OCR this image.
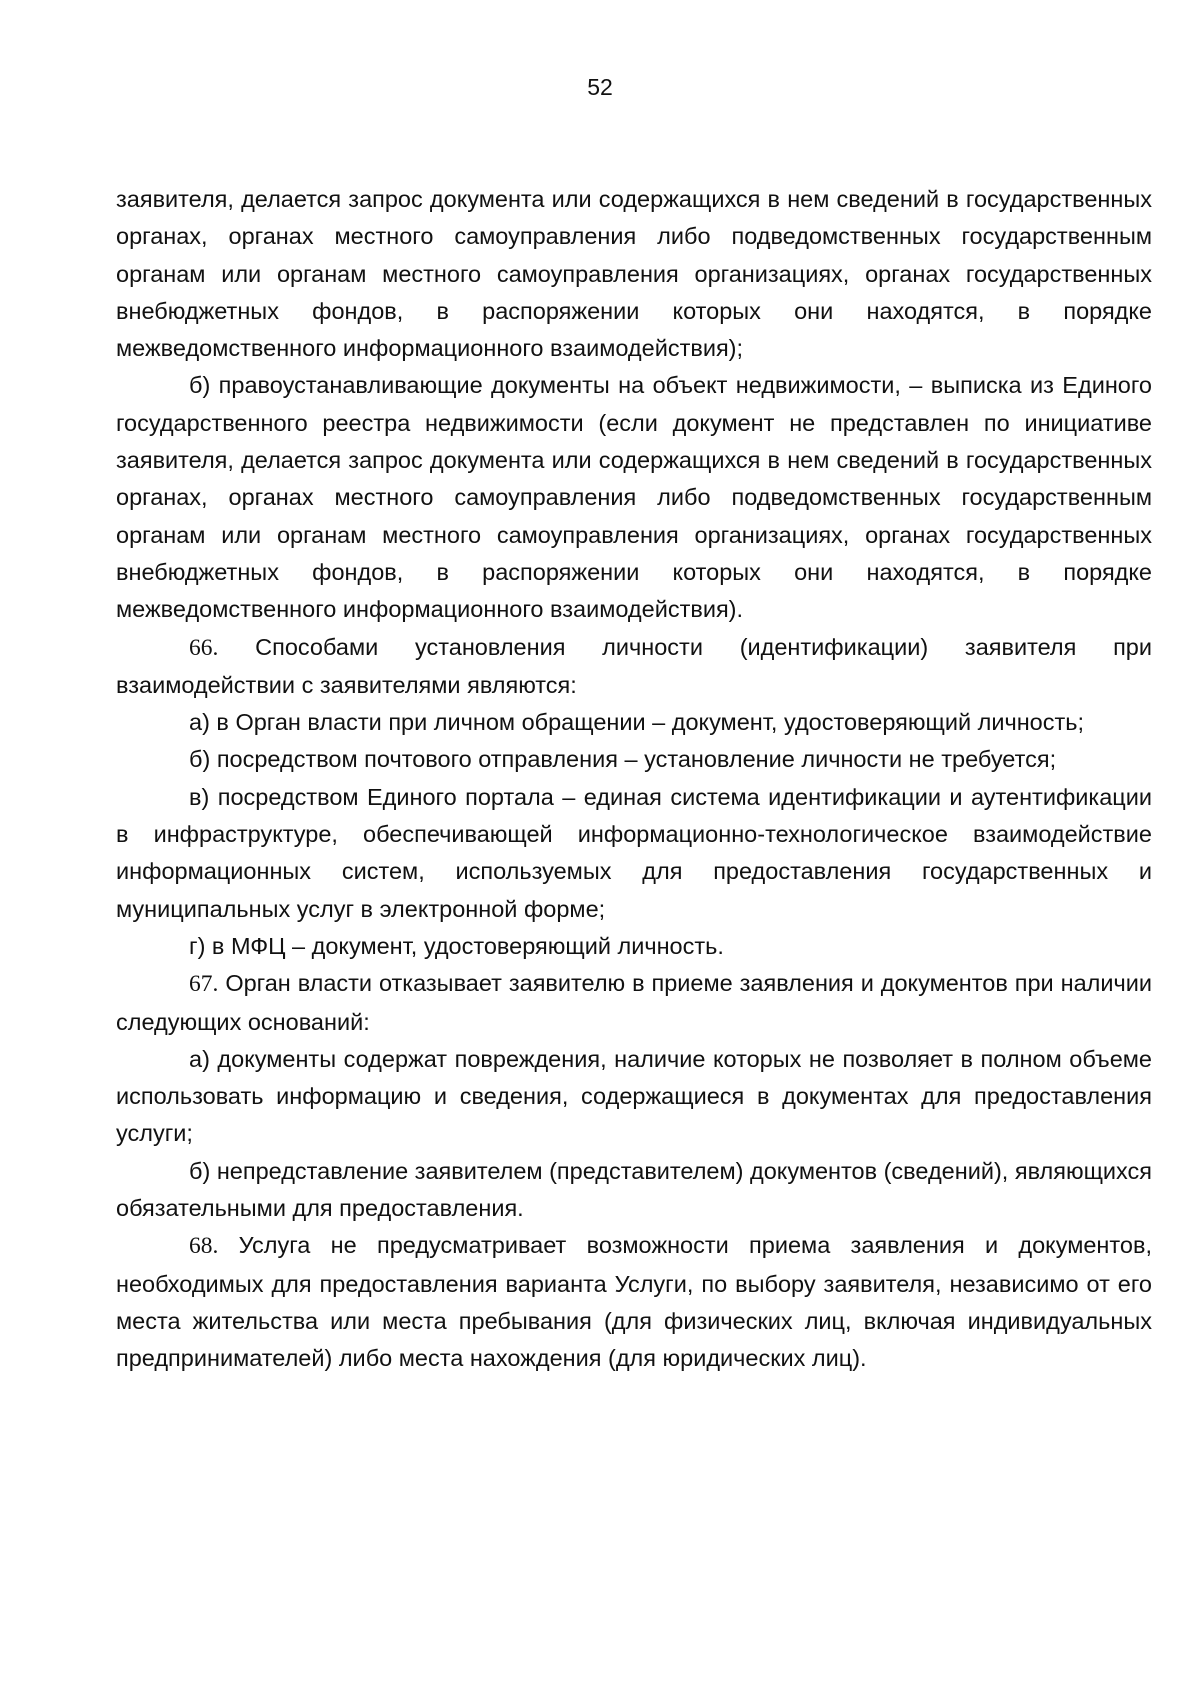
52

заявителя, делается запрос документа или содержащихся в нем сведений в государственных органах, органах местного самоуправления либо подведомственных государственным органам или органам местного самоуправления организациях, органах государственных внебюджетных фондов, в распоряжении которых они находятся, в порядке межведомственного информационного взаимодействия);

б) правоустанавливающие документы на объект недвижимости, – выписка из Единого государственного реестра недвижимости (если документ не представлен по инициативе заявителя, делается запрос документа или содержащихся в нем сведений в государственных органах, органах местного самоуправления либо подведомственных государственным органам или органам местного самоуправления организациях, органах государственных внебюджетных фондов, в распоряжении которых они находятся, в порядке межведомственного информационного взаимодействия).

66. Способами установления личности (идентификации) заявителя при взаимодействии с заявителями являются:

а) в Орган власти при личном обращении – документ, удостоверяющий личность;

б) посредством почтового отправления – установление личности не требуется;

в) посредством Единого портала – единая система идентификации и аутентификации в инфраструктуре, обеспечивающей информационно-технологическое взаимодействие информационных систем, используемых для предоставления государственных и муниципальных услуг в электронной форме;

г) в МФЦ – документ, удостоверяющий личность.

67. Орган власти отказывает заявителю в приеме заявления и документов при наличии следующих оснований:

а) документы содержат повреждения, наличие которых не позволяет в полном объеме использовать информацию и сведения, содержащиеся в документах для предоставления услуги;

б) непредставление заявителем (представителем) документов (сведений), являющихся обязательными для предоставления.

68. Услуга не предусматривает возможности приема заявления и документов, необходимых для предоставления варианта Услуги, по выбору заявителя, независимо от его места жительства или места пребывания (для физических лиц, включая индивидуальных предпринимателей) либо места нахождения (для юридических лиц).
